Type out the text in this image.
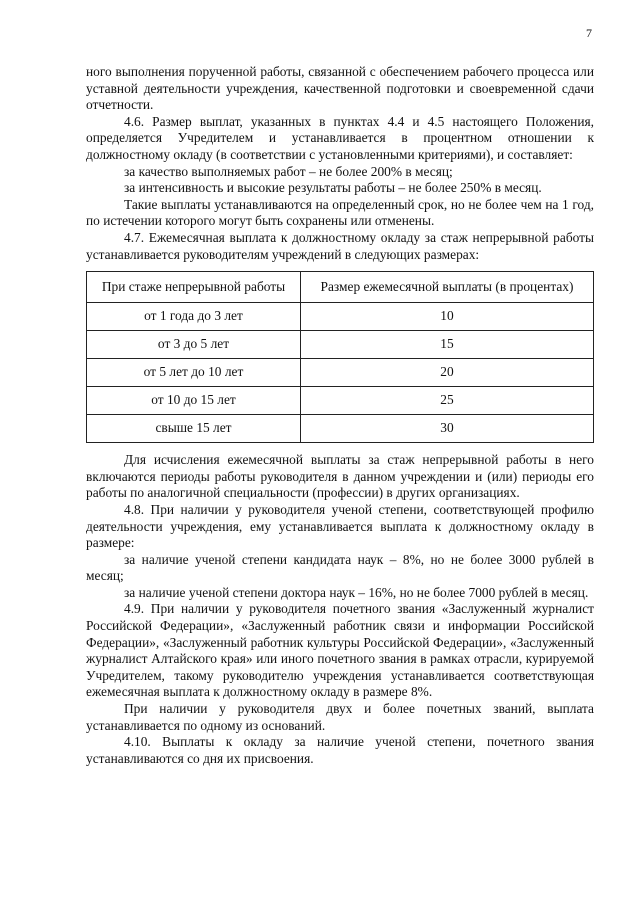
7

ного выполнения порученной работы, связанной с обеспечением рабочего процесса или уставной деятельности учреждения, качественной подготовки и своевременной сдачи отчетности.

4.6. Размер выплат, указанных в пунктах 4.4 и 4.5 настоящего Положения, определяется Учредителем и устанавливается в процентном отношении к должностному окладу (в соответствии с установленными критериями), и составляет:

за качество выполняемых работ – не более 200% в месяц;

за интенсивность и высокие результаты работы – не более 250% в месяц.

Такие выплаты устанавливаются на определенный срок, но не более чем на 1 год, по истечении которого могут быть сохранены или отменены.

4.7. Ежемесячная выплата к должностному окладу за стаж непрерывной работы устанавливается руководителям учреждений в следующих размерах:

При стаже непрерывной работы	Размер ежемесячной выплаты (в процентах)
от 1 года до 3 лет	10
от 3 до 5 лет	15
от 5 лет до 10 лет	20
от 10 до 15 лет	25
свыше 15 лет	30

Для исчисления ежемесячной выплаты за стаж непрерывной работы в него включаются периоды работы руководителя в данном учреждении и (или) периоды его работы по аналогичной специальности (профессии) в других организациях.

4.8. При наличии у руководителя ученой степени, соответствующей профилю деятельности учреждения, ему устанавливается выплата к должностному окладу в размере:

за наличие ученой степени кандидата наук – 8%, но не более 3000 рублей в месяц;

за наличие ученой степени доктора наук – 16%, но не более 7000 рублей в месяц.

4.9. При наличии у руководителя почетного звания «Заслуженный журналист Российской Федерации», «Заслуженный работник связи и информации Российской Федерации», «Заслуженный работник культуры Российской Федерации», «Заслуженный журналист Алтайского края» или иного почетного звания в рамках отрасли, курируемой Учредителем, такому руководителю учреждения устанавливается соответствующая ежемесячная выплата к должностному окладу в размере 8%.

При наличии у руководителя двух и более почетных званий, выплата устанавливается по одному из оснований.

4.10. Выплаты к окладу за наличие ученой степени, почетного звания устанавливаются со дня их присвоения.
